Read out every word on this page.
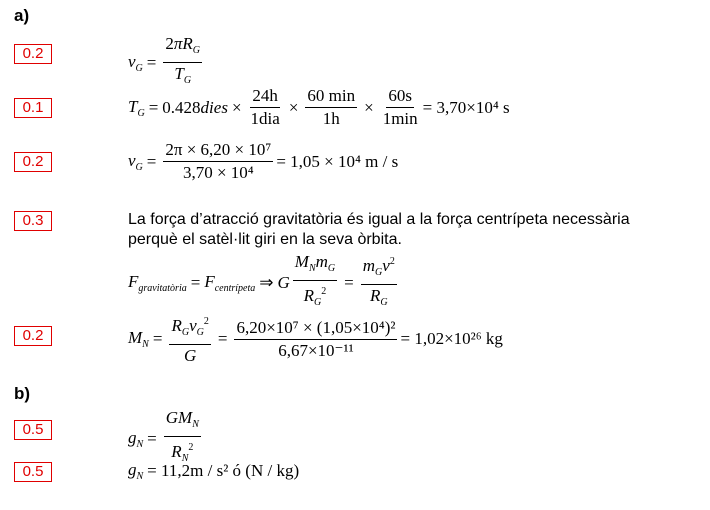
a)
0.2	$v_G = \frac{2\pi R_G}{T_G}$
0.1	$T_G = 0.428$ dies × $\frac{24h}{\text{1dia}} \times \frac{60 \min}{1h} \times \frac{60s}{1\min} = 3,70\times 10^4$ s
0.2	$v_G = \frac{\text{2π × 6,20 × 10⁷}}{\text{3,70 × 10⁴}} = 1,05 \times 10^4$ m / s
0.3	La força d’atracció gravitatòria és igual a la força centrípeta necessària
perquè el satèl·lit giri en la seva òrbita.
$F_{gravitatòria} = F_{centrípeta}$ ⇒ G $\frac{M_Nm_G}{R_G^2} = \frac{m_Gv^2}{R_G}$
0.2	$M_N = \frac{R_Gv_G^2}{G} = \frac{\text{6,20×10⁷ × (1,05×10⁴)²}}{\text{6,67×10⁻¹¹}} = 1,02\times 10^{26}$ kg
b)
0.5	$g_N = \frac{GM_N}{R_N^2}$
0.5	$g_N = 11,2m / s^2$ ó (N / kg)
